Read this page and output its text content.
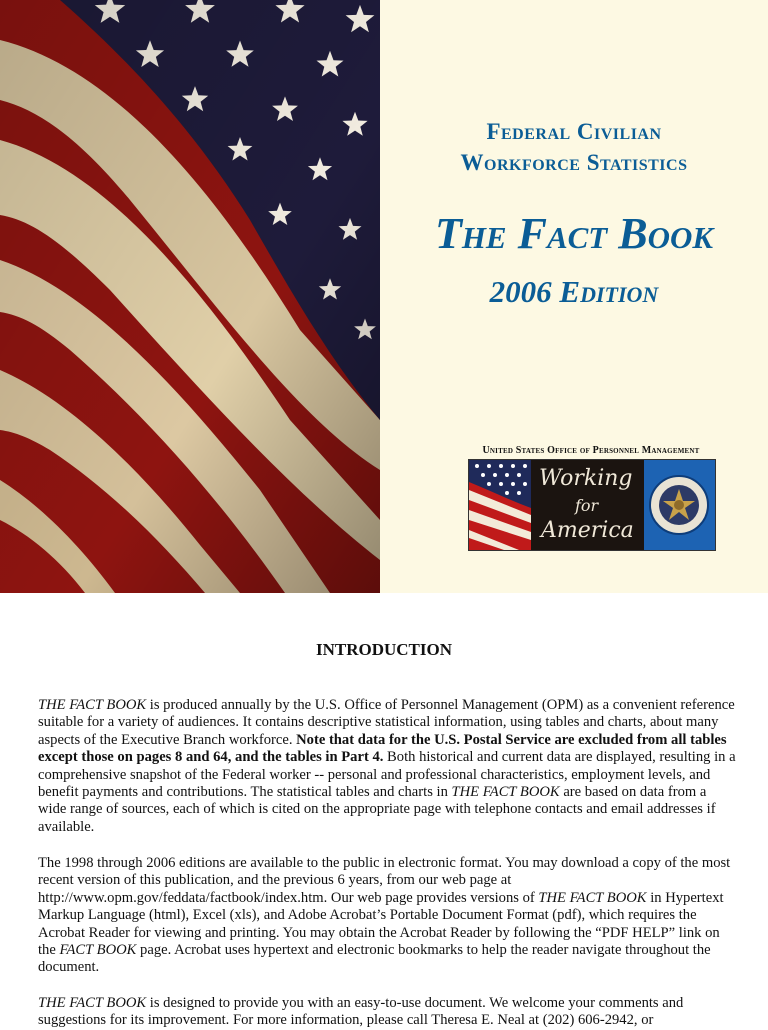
Federal Civilian
Workforce Statistics
The Fact Book
2006 Edition
United States Office of Personnel Management
Working
for
America
INTRODUCTION

THE FACT BOOK is produced annually by the U.S. Office of Personnel Management (OPM) as a convenient reference suitable for a variety of audiences. It contains descriptive statistical information, using tables and charts, about many aspects of the Executive Branch workforce. Note that data for the U.S. Postal Service are excluded from all tables except those on pages 8 and 64, and the tables in Part 4. Both historical and current data are displayed, resulting in a comprehensive snapshot of the Federal worker -- personal and professional characteristics, employment levels, and benefit payments and contributions. The statistical tables and charts in THE FACT BOOK are based on data from a wide range of sources, each of which is cited on the appropriate page with telephone contacts and email addresses if available.

The 1998 through 2006 editions are available to the public in electronic format. You may download a copy of the most recent version of this publication, and the previous 6 years, from our web page at http://www.opm.gov/feddata/factbook/index.htm. Our web page provides versions of THE FACT BOOK in Hypertext Markup Language (html), Excel (xls), and Adobe Acrobat’s Portable Document Format (pdf), which requires the Acrobat Reader for viewing and printing. You may obtain the Acrobat Reader by following the “PDF HELP” link on the FACT BOOK page. Acrobat uses hypertext and electronic bookmarks to help the reader navigate throughout the document.

THE FACT BOOK is designed to provide you with an easy-to-use document. We welcome your comments and suggestions for its improvement. For more information, please call Theresa E. Neal at (202) 606-2942, or
